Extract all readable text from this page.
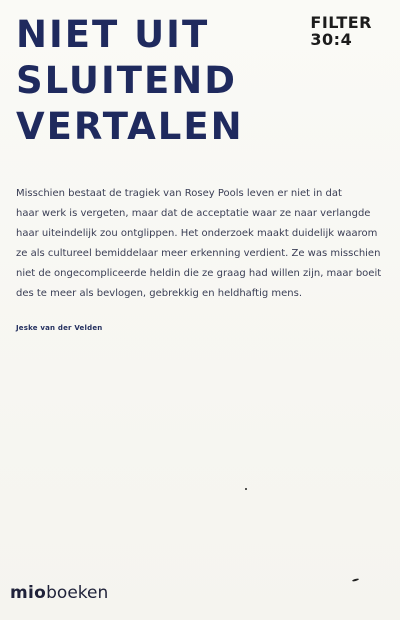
NIET UIT
SLUITEND
VERTALEN
FILTER
30:4

Misschien bestaat de tragiek van Rosey Pools leven er niet in dat
haar werk is vergeten, maar dat de acceptatie waar ze naar verlangde
haar uiteindelijk zou ontglippen. Het onderzoek maakt duidelijk waarom
ze als cultureel bemiddelaar meer erkenning verdient. Ze was misschien
niet de ongecompliceerde heldin die ze graag had willen zijn, maar boeit
des te meer als bevlogen, gebrekkig en heldhaftig mens.

Jeske van der Velden
mioboeken
